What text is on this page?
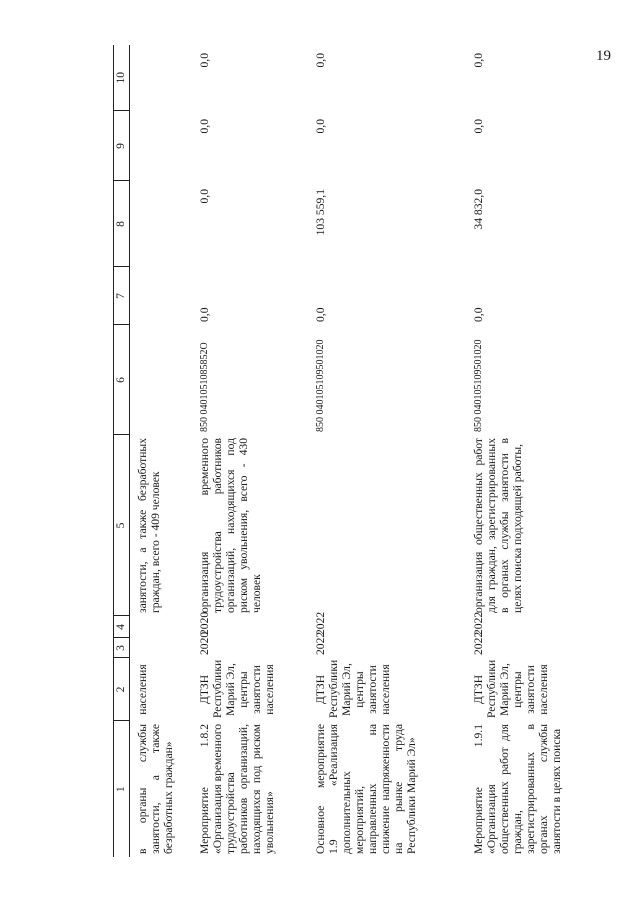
19
1	2	3	4	5	6	7	8	9	10

в органы службы занятости, а также безработных граждан»	населения			занятости, а также безработных граждан, всего - 409 человек					
Мероприятие 1.8.2 «Организация временного трудоустройства работников организаций, находящихся под риском увольнения»	ДТЗН Республики Марий Эл, центры занятости населения	2020	2020	организация временного трудоустройства работников организаций, находящихся под риском увольнения, всего - 430 человек	850 0401051085852О	0,0	0,0	0,0	0,0
Основное мероприятие 1.9 «Реализация дополнительных мероприятий, направленных на снижение напряженности на рынке труда Республики Марий Эл»	ДТЗН Республики Марий Эл, центры занятости населения	2022	2022		850 040105109501020	0,0	103 559,1	0,0	0,0
Мероприятие 1.9.1 «Организация общественных работ для граждан, зарегистрированных в органах службы занятости в целях поиска	ДТЗН Республики Марий Эл, центры занятости населения	2022	2022	организация общественных работ для граждан, зарегистрированных в органах службы занятости в целях поиска подходящей работы,	850 040105109501020	0,0	34 832,0	0,0	0,0
